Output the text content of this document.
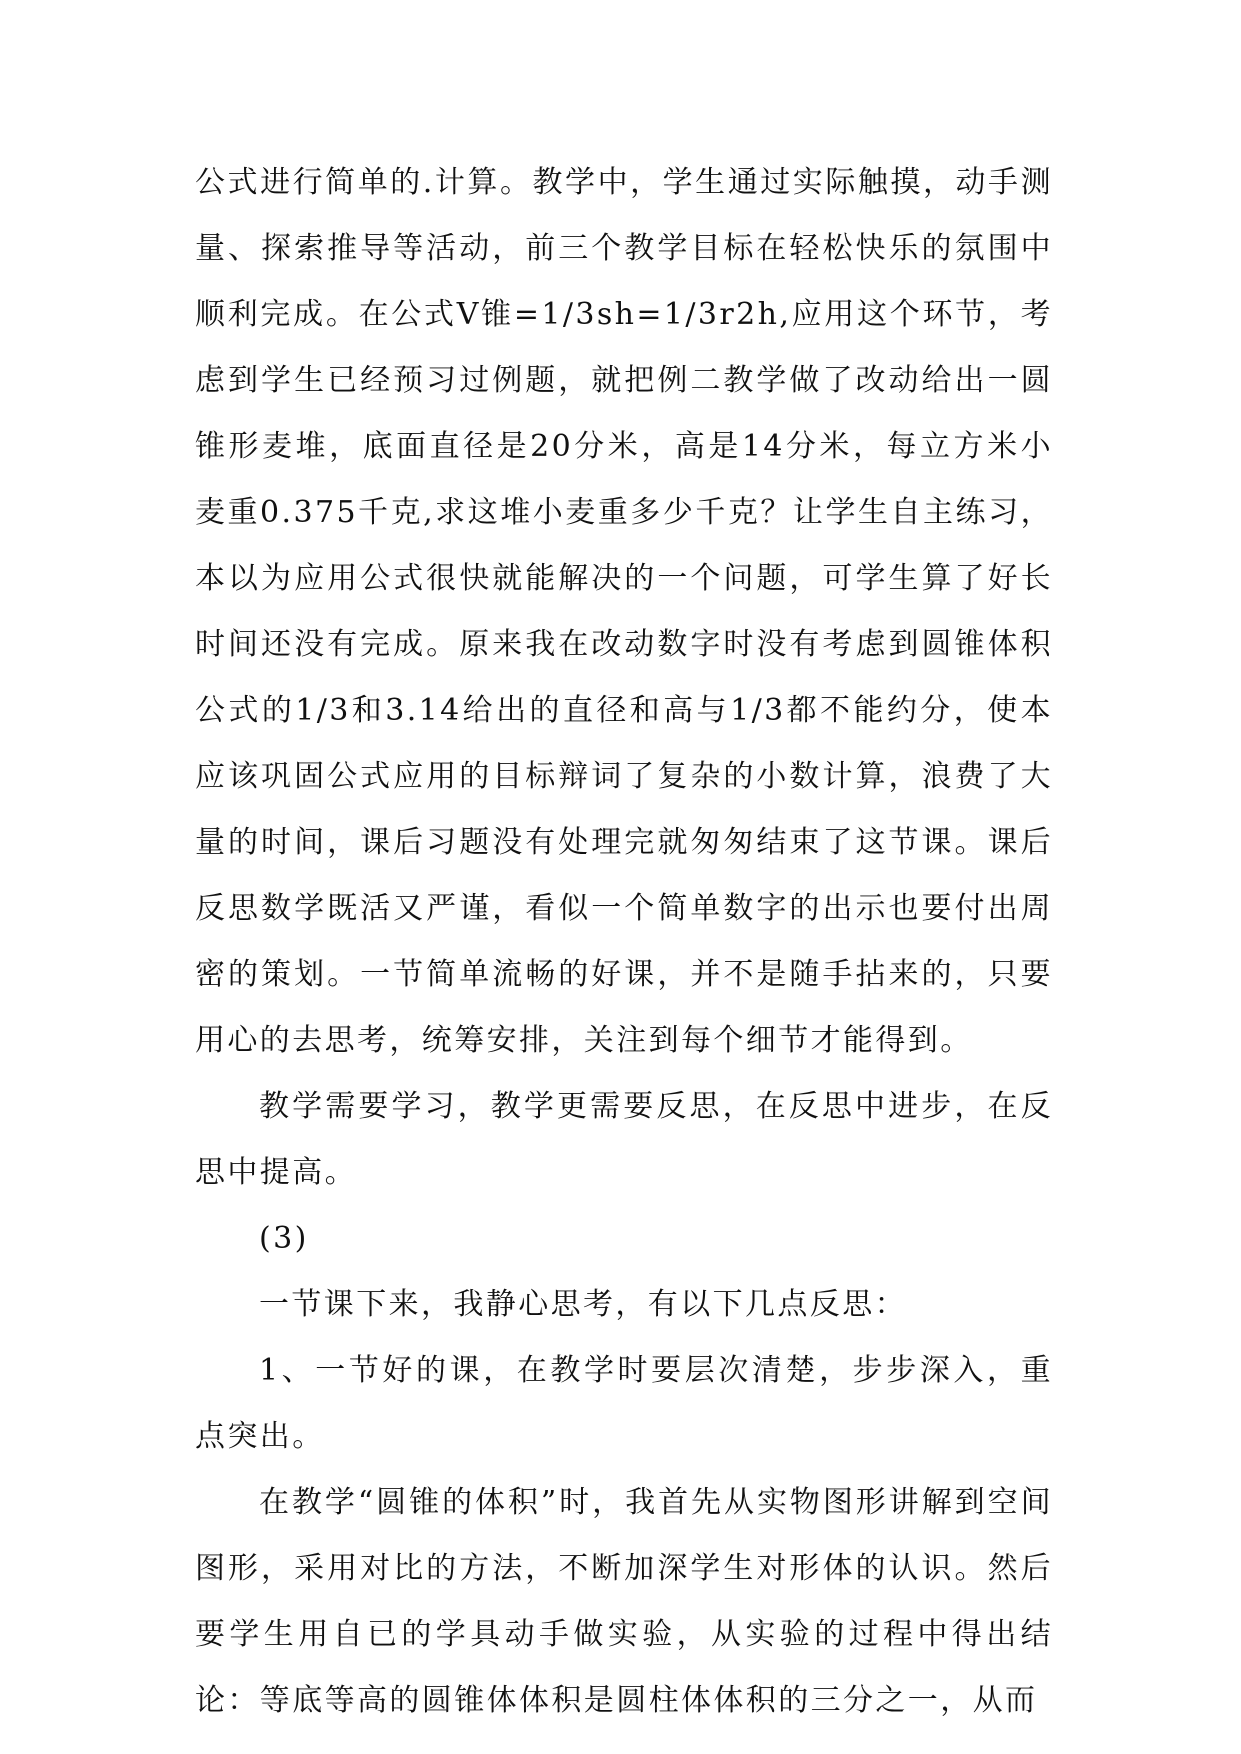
公式进行简单的.计算。教学中，学生通过实际触摸，动手测量、探索推导等活动，前三个教学目标在轻松快乐的氛围中顺利完成。在公式V锥=1/3sh=1/3r2h,应用这个环节，考虑到学生已经预习过例题，就把例二教学做了改动给出一圆锥形麦堆，底面直径是20分米，高是14分米，每立方米小麦重0.375千克,求这堆小麦重多少千克？让学生自主练习，本以为应用公式很快就能解决的一个问题，可学生算了好长时间还没有完成。原来我在改动数字时没有考虑到圆锥体积公式的1/3和3.14给出的直径和高与1/3都不能约分，使本应该巩固公式应用的目标辩词了复杂的小数计算，浪费了大量的时间，课后习题没有处理完就匆匆结束了这节课。课后反思数学既活又严谨，看似一个简单数字的出示也要付出周密的策划。一节简单流畅的好课，并不是随手拈来的，只要用心的去思考，统筹安排，关注到每个细节才能得到。

教学需要学习，教学更需要反思，在反思中进步，在反思中提高。

(3)

一节课下来，我静心思考，有以下几点反思：

1、一节好的课，在教学时要层次清楚，步步深入，重点突出。

在教学“圆锥的体积”时，我首先从实物图形讲解到空间图形，采用对比的方法，不断加深学生对形体的认识。然后要学生用自已的学具动手做实验，从实验的过程中得出结论：等底等高的圆锥体体积是圆柱体体积的三分之一，从而
